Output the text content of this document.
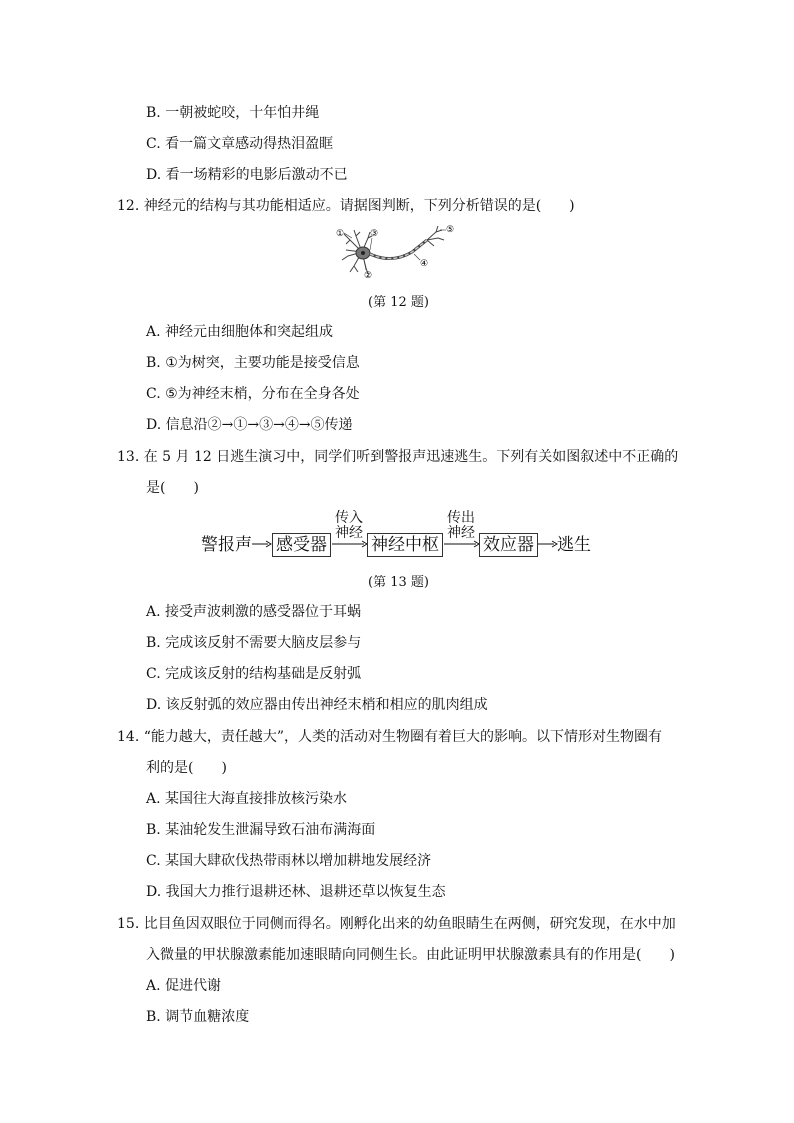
B. 一朝被蛇咬，十年怕井绳
C. 看一篇文章感动得热泪盈眶
D. 看一场精彩的电影后激动不已
12. 神经元的结构与其功能相适应。请据图判断，下列分析错误的是(　　)
①
②
③
④
⑤
(第 12 题)
A. 神经元由细胞体和突起组成
B. ①为树突，主要功能是接受信息
C. ⑤为神经末梢，分布在全身各处
D. 信息沿②→①→③→④→⑤传递
13. 在 5 月 12 日逃生演习中，同学们听到警报声迅速逃生。下列有关如图叙述中不正确的
是(　　)
警报声 感受器
传入
神经
神经中枢
传出
神经
效应器 逃生
(第 13 题)
A. 接受声波刺激的感受器位于耳蜗
B. 完成该反射不需要大脑皮层参与
C. 完成该反射的结构基础是反射弧
D. 该反射弧的效应器由传出神经末梢和相应的肌肉组成
14. “能力越大，责任越大”，人类的活动对生物圈有着巨大的影响。以下情形对生物圈有
利的是(　　)
A. 某国往大海直接排放核污染水
B. 某油轮发生泄漏导致石油布满海面
C. 某国大肆砍伐热带雨林以增加耕地发展经济
D. 我国大力推行退耕还林、退耕还草以恢复生态
15. 比目鱼因双眼位于同侧而得名。刚孵化出来的幼鱼眼睛生在两侧，研究发现，在水中加
入微量的甲状腺激素能加速眼睛向同侧生长。由此证明甲状腺激素具有的作用是(　　)
A. 促进代谢
B. 调节血糖浓度
